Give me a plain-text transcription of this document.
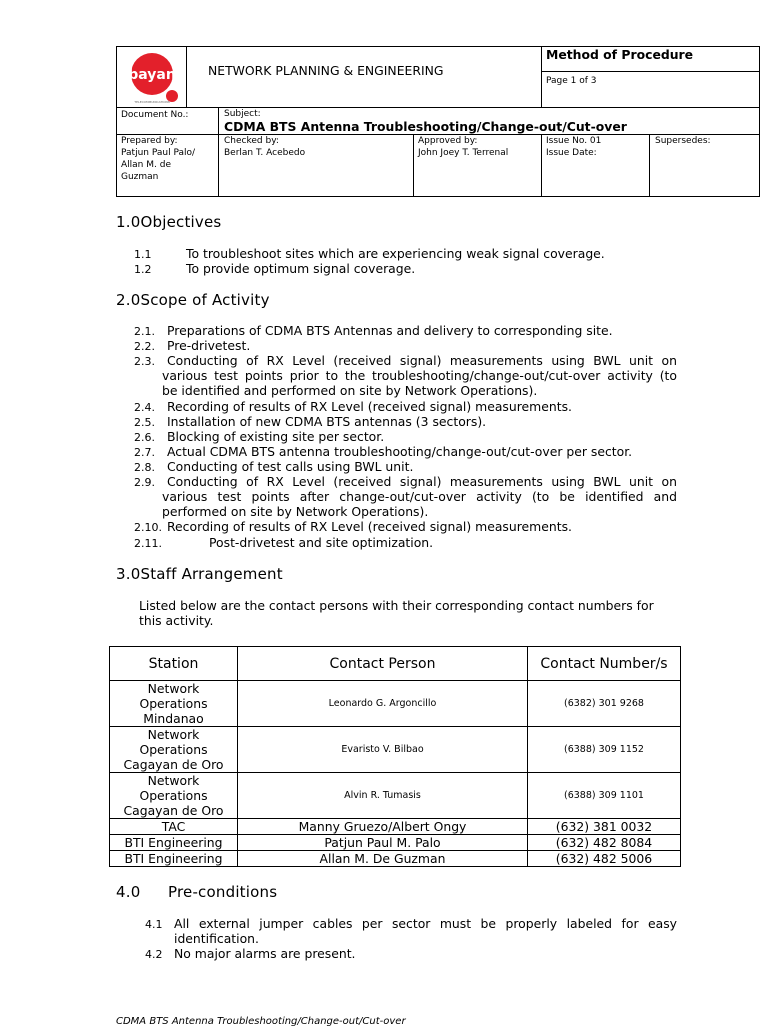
bayan
TELECOMMUNICATIONS
NETWORK PLANNING & ENGINEERING
Method of Procedure
Page 1 of 3
Document No.:	Subject:
CDMA BTS Antenna Troubleshooting/Change-out/Cut-over
Prepared by:
Patjun Paul Palo/
Allan M. de
Guzman
Checked by:
Berlan T. Acebedo
Approved by:
John Joey T. Terrenal
Issue No. 01
Issue Date:
Supersedes:
1.0Objectives
1.1	To troubleshoot sites which are experiencing weak signal coverage.
1.2	To provide optimum signal coverage.
2.0Scope of Activity
2.1. Preparations of CDMA BTS Antennas and delivery to corresponding site.
2.2. Pre-drivetest.
2.3. Conducting of RX Level (received signal) measurements using BWL unit on
various test points prior to the troubleshooting/change-out/cut-over activity (to
be identified and performed on site by Network Operations).
2.4. Recording of results of RX Level (received signal) measurements.
2.5. Installation of new CDMA BTS antennas (3 sectors).
2.6. Blocking of existing site per sector.
2.7. Actual CDMA BTS antenna troubleshooting/change-out/cut-over per sector.
2.8. Conducting of test calls using BWL unit.
2.9. Conducting of RX Level (received signal) measurements using BWL unit on
various test points after change-out/cut-over activity (to be identified and
performed on site by Network Operations).
2.10. Recording of results of RX Level (received signal) measurements.
2.11.	Post-drivetest and site optimization.
3.0Staff Arrangement
Listed below are the contact persons with their corresponding contact numbers for
this activity.
Station	Contact Person	Contact Number/s
Network Operations Mindanao	Leonardo G. Argoncillo	(6382) 301 9268
Network Operations Cagayan de Oro	Evaristo V. Bilbao	(6388) 309 1152
Network Operations Cagayan de Oro	Alvin R. Tumasis	(6388) 309 1101
TAC	Manny Gruezo/Albert Ongy	(632) 381 0032
BTI Engineering	Patjun Paul M. Palo	(632) 482 8084
BTI Engineering	Allan M. De Guzman	(632) 482 5006
4.0 Pre-conditions
4.1 All external jumper cables per sector must be properly labeled for easy
identification.
4.2 No major alarms are present.
CDMA BTS Antenna Troubleshooting/Change-out/Cut-over
